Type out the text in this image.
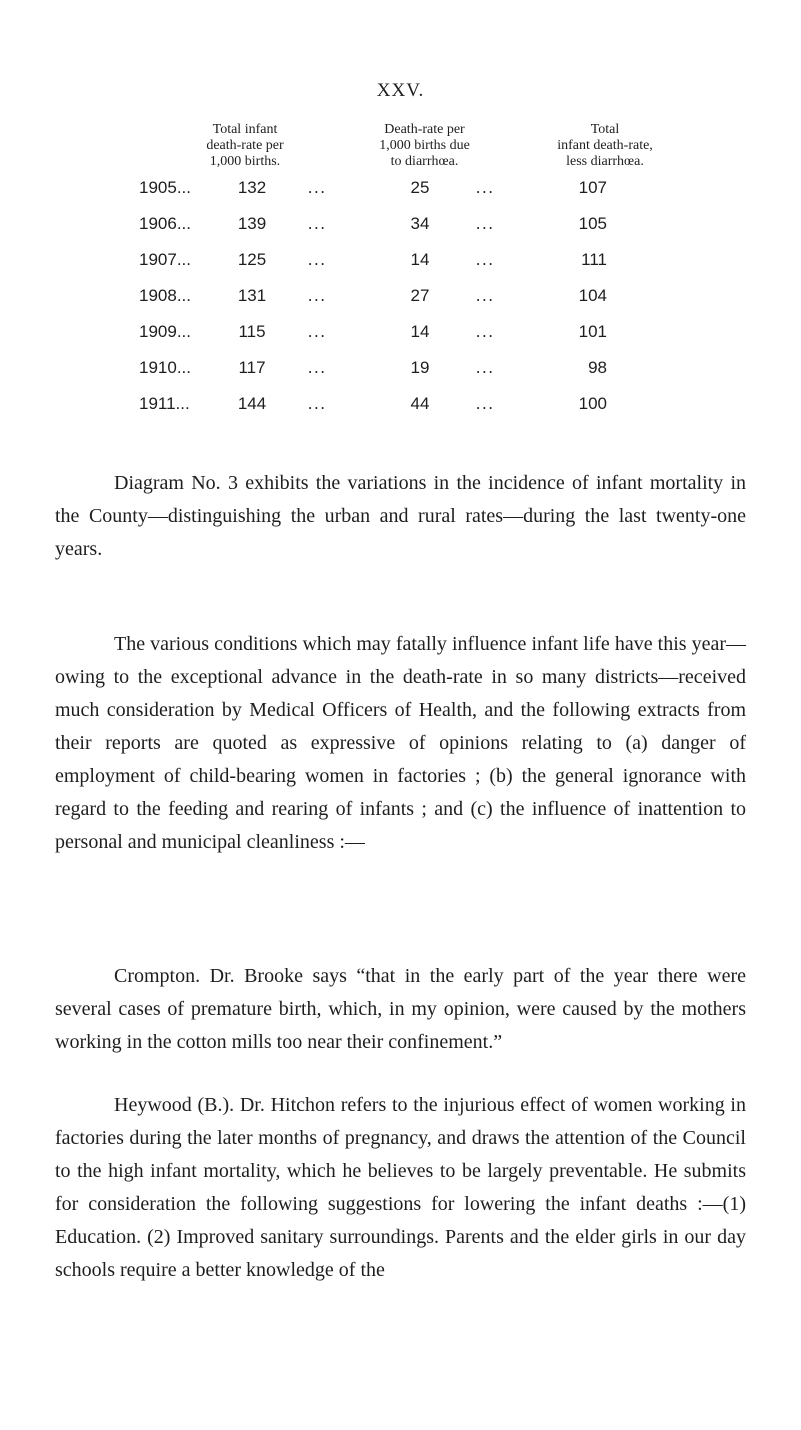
XXV.
Total infant
death-rate per
1,000 births.
Death-rate per
1,000 births due
to diarrhœa.
Total
infant death-rate,
less diarrhœa.
1905...	132	...	25	...	107
1906...	139	...	34	...	105
1907...	125	...	14	...	111
1908...	131	...	27	...	104
1909...	115	...	14	...	101
1910...	117	...	19	...	98
1911...	144	...	44	...	100

Diagram No. 3 exhibits the variations in the incidence of infant mortality in the County—distinguishing the urban and rural rates—during the last twenty-one years.

The various conditions which may fatally influence infant life have this year—owing to the exceptional advance in the death-rate in so many districts—received much consideration by Medical Officers of Health, and the following extracts from their reports are quoted as expressive of opinions relating to (a) danger of employment of child-bearing women in factories ; (b) the general ignorance with regard to the feeding and rearing of infants ; and (c) the influence of inattention to personal and municipal cleanliness :—

Crompton. Dr. Brooke says “that in the early part of the year there were several cases of premature birth, which, in my opinion, were caused by the mothers working in the cotton mills too near their confinement.”

Heywood (B.). Dr. Hitchon refers to the injurious effect of women working in factories during the later months of pregnancy, and draws the attention of the Council to the high infant mortality, which he believes to be largely preventable. He submits for consideration the following suggestions for lowering the infant deaths :—(1) Education. (2) Improved sanitary surroundings. Parents and the elder girls in our day schools require a better knowledge of the
